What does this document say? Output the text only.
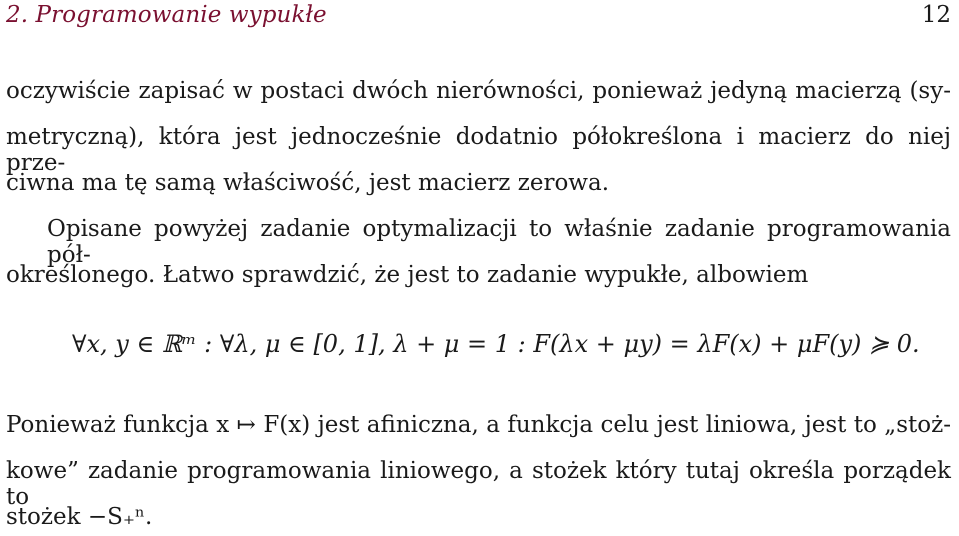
2. Programowanie wypukłe	12
oczywiście zapisać w postaci dwóch nierówności, ponieważ jedyną macierzą (sy-
metryczną), która jest jednocześnie dodatnio półokreślona i macierz do niej prze-
ciwna ma tę samą właściwość, jest macierz zerowa.
Opisane powyżej zadanie optymalizacji to właśnie zadanie programowania pół-
określonego. Łatwo sprawdzić, że jest to zadanie wypukłe, albowiem
∀x, y ∈ ℝᵐ : ∀λ, μ ∈ [0, 1], λ + μ = 1 : F(λx + μy) = λF(x) + μF(y) ≽ 0.
Ponieważ funkcja x ↦ F(x) jest afiniczna, a funkcja celu jest liniowa, jest to „stoż-
kowe” zadanie programowania liniowego, a stożek który tutaj określa porządek to
stożek −S₊ⁿ.
